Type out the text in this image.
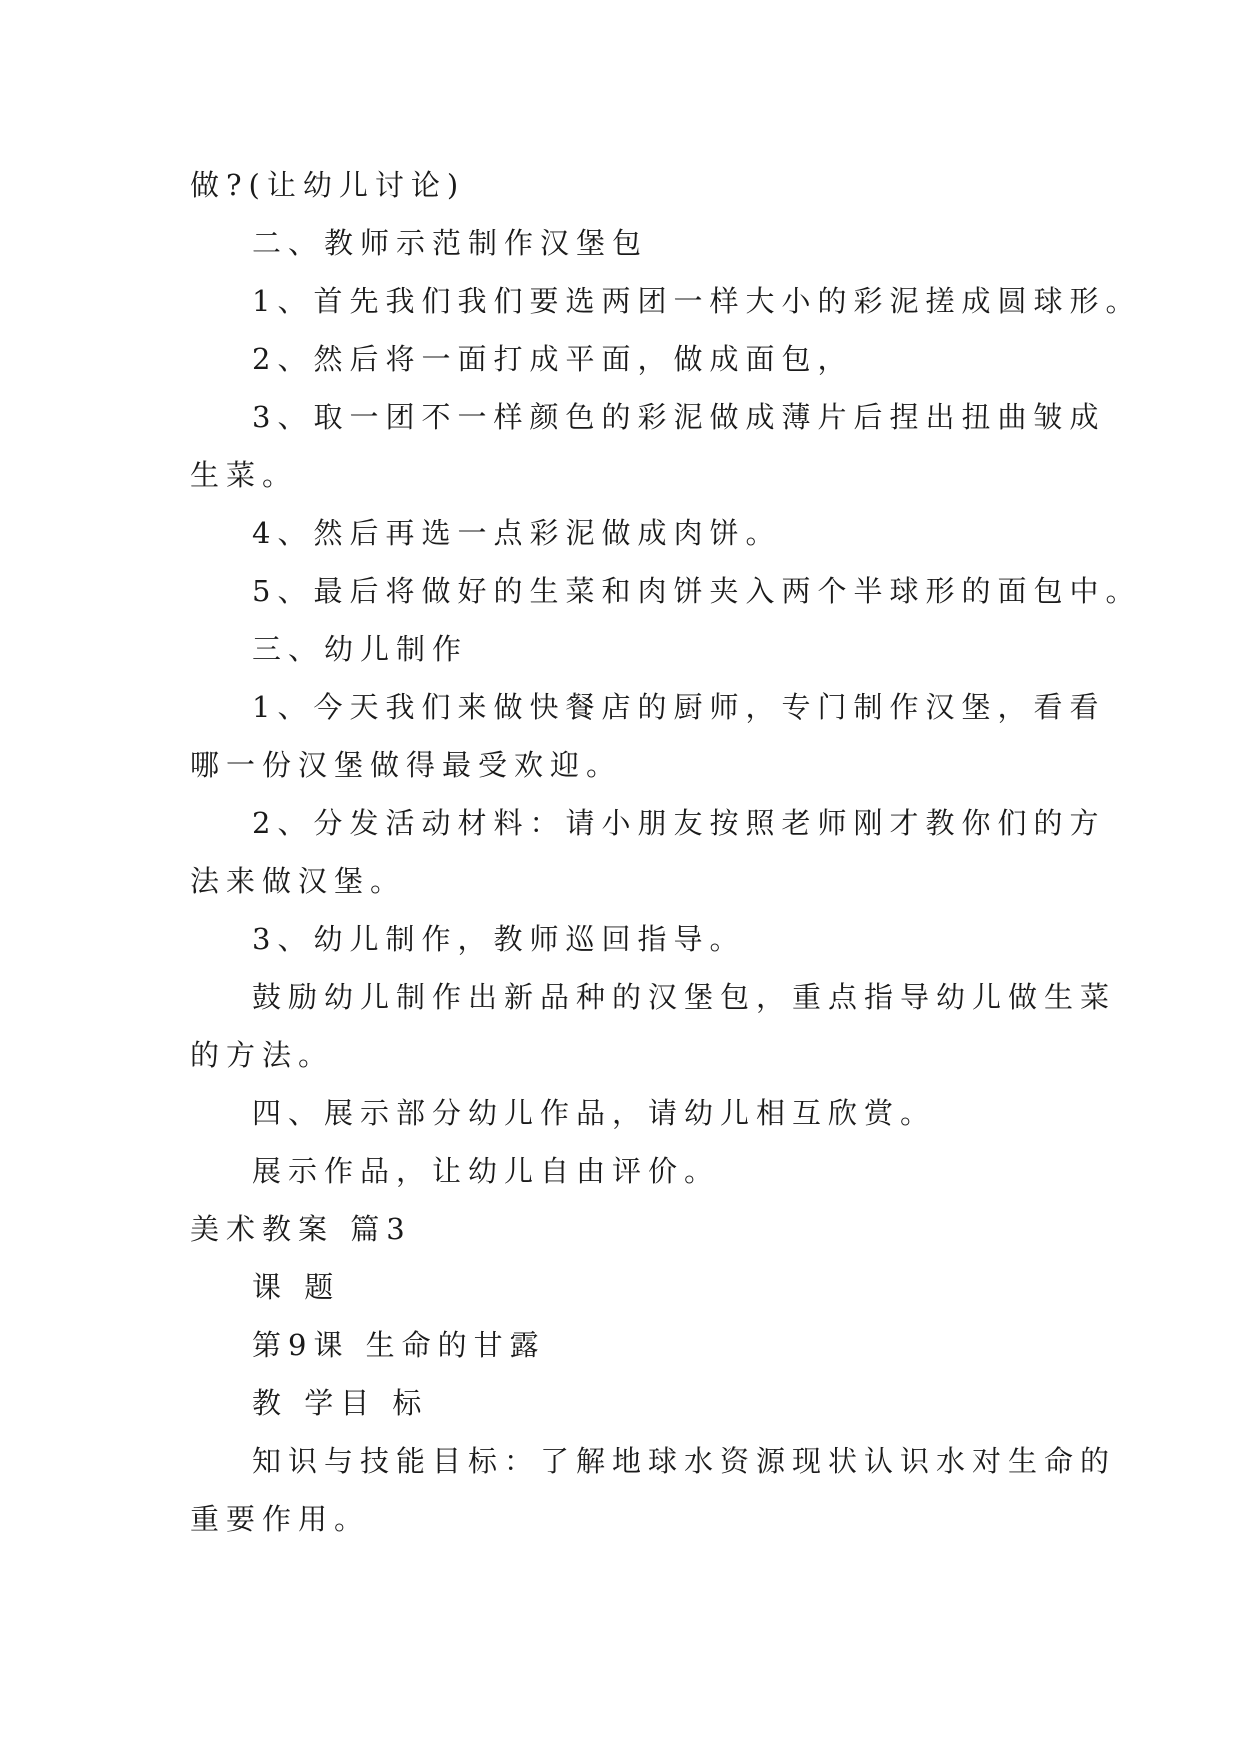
做?(让幼儿讨论)
二、教师示范制作汉堡包
1、首先我们我们要选两团一样大小的彩泥搓成圆球形。
2、然后将一面打成平面，做成面包，
3、取一团不一样颜色的彩泥做成薄片后捏出扭曲皱成
生菜。
4、然后再选一点彩泥做成肉饼。
5、最后将做好的生菜和肉饼夹入两个半球形的面包中。
三、幼儿制作
1、今天我们来做快餐店的厨师，专门制作汉堡，看看
哪一份汉堡做得最受欢迎。
2、分发活动材料：请小朋友按照老师刚才教你们的方
法来做汉堡。
3、幼儿制作，教师巡回指导。
鼓励幼儿制作出新品种的汉堡包，重点指导幼儿做生菜
的方法。
四、展示部分幼儿作品，请幼儿相互欣赏。
展示作品，让幼儿自由评价。
美术教案 篇3
课 题
第9课 生命的甘露
教 学目 标
知识与技能目标：了解地球水资源现状认识水对生命的
重要作用。
